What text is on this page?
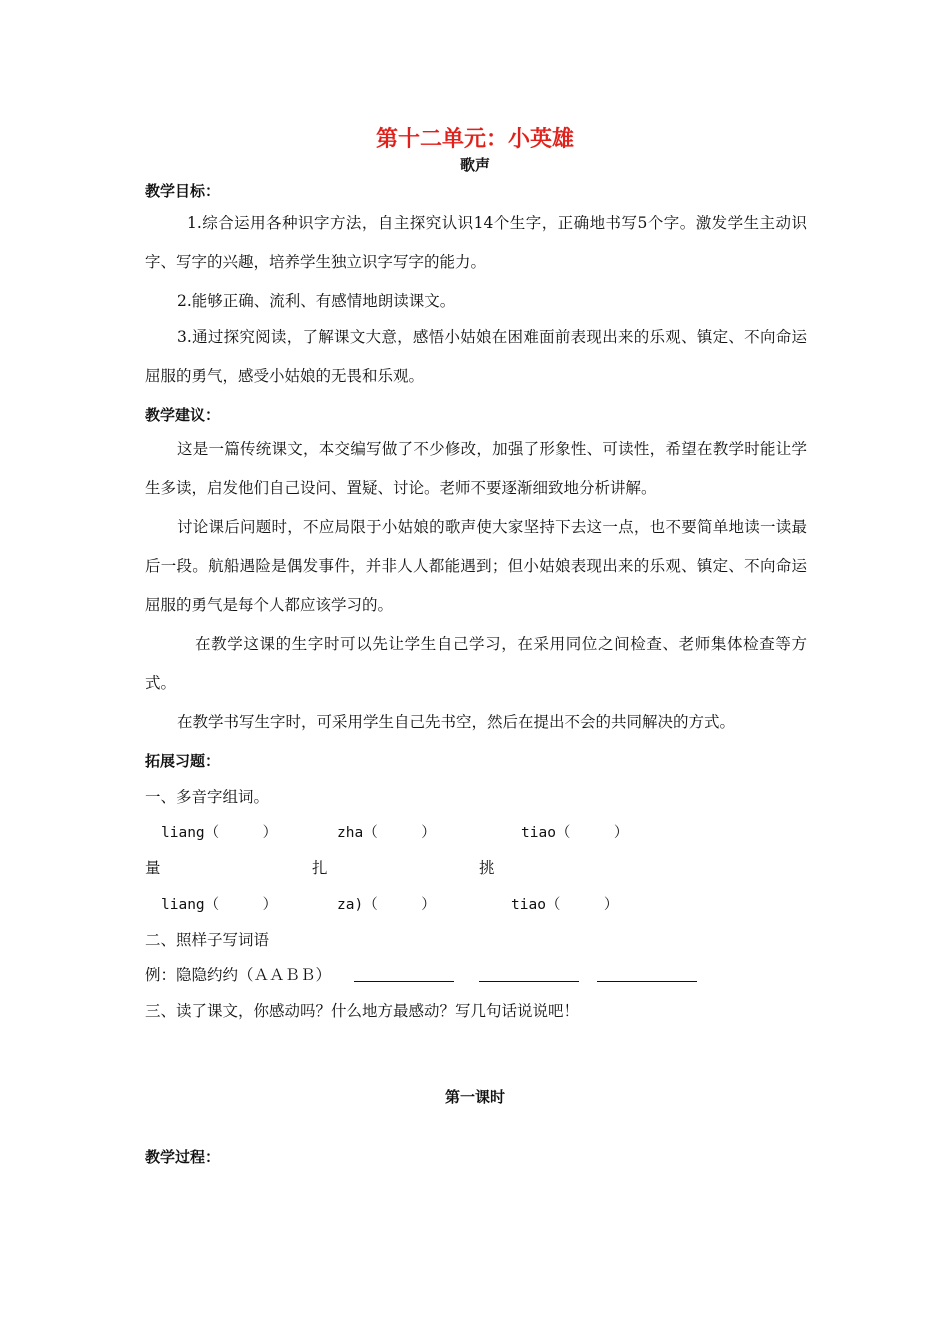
第十二单元：小英雄
歌声
教学目标：
1.综合运用各种识字方法，自主探究认识14个生字，正确地书写5个字。激发学生主动识字、写字的兴趣，培养学生独立识字写字的能力。
2.能够正确、流利、有感情地朗读课文。
3.通过探究阅读，了解课文大意，感悟小姑娘在困难面前表现出来的乐观、镇定、不向命运屈服的勇气，感受小姑娘的无畏和乐观。
教学建议：
这是一篇传统课文，本交编写做了不少修改，加强了形象性、可读性，希望在教学时能让学生多读，启发他们自己设问、置疑、讨论。老师不要逐渐细致地分析讲解。
讨论课后问题时，不应局限于小姑娘的歌声使大家坚持下去这一点，也不要简单地读一读最后一段。航船遇险是偶发事件，并非人人都能遇到；但小姑娘表现出来的乐观、镇定、不向命运屈服的勇气是每个人都应该学习的。
在教学这课的生字时可以先让学生自己学习，在采用同位之间检查、老师集体检查等方式。
在教学书写生字时，可采用学生自己先书空，然后在提出不会的共同解决的方式。
拓展习题：
一、多音字组词。
liang（　　　）	zha（　　　）	tiao（　　　）
量	扎	挑
liang（　　　）	za)（　　　）	tiao（　　　）
二、照样子写词语
例：隐隐约约（ＡＡＢＢ）
三、读了课文，你感动吗？什么地方最感动？写几句话说说吧！
第一课时
教学过程：
